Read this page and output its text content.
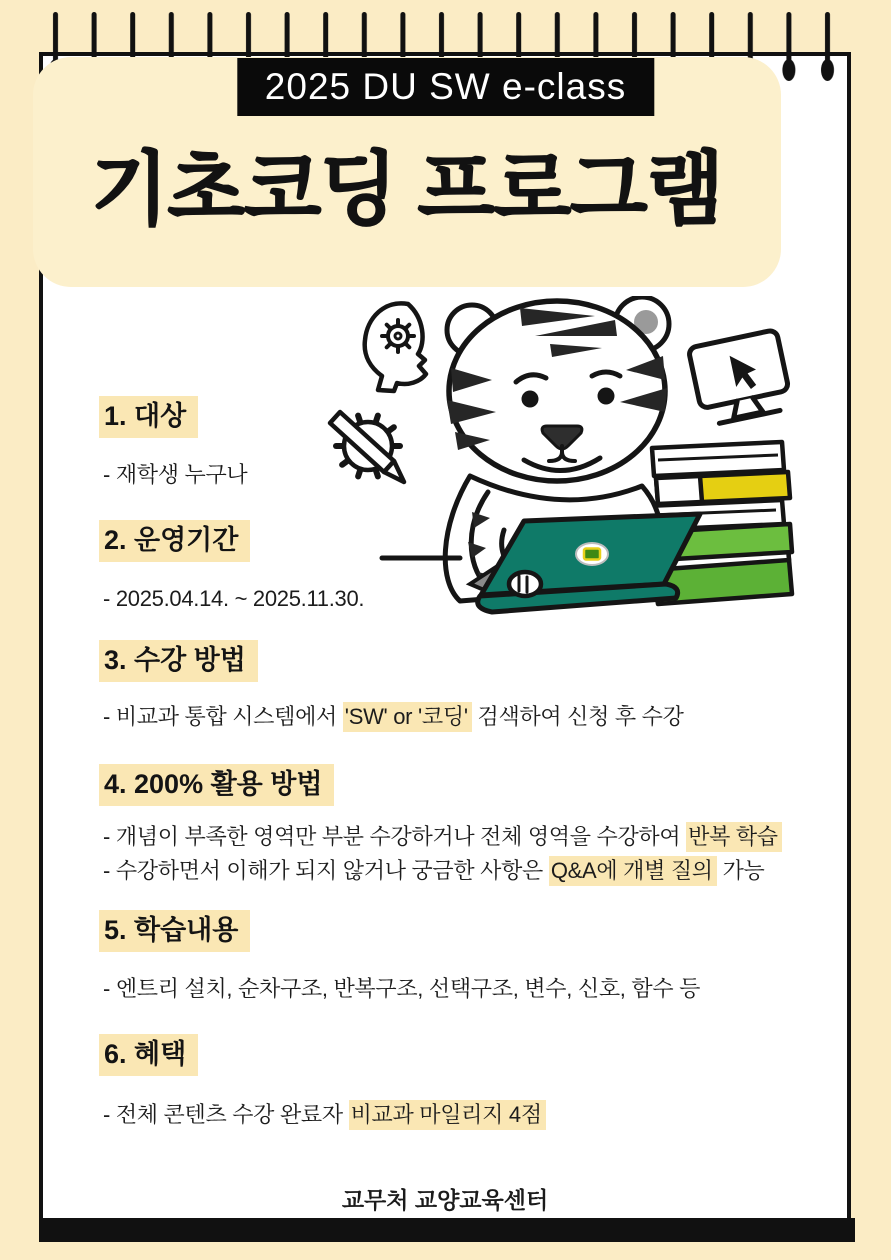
2025 DU SW e-class
기초코딩 프로그램
1. 대상
- 재학생 누구나
2. 운영기간
- 2025.04.14. ~ 2025.11.30.
3. 수강 방법
- 비교과 통합 시스템에서 'SW' or '코딩' 검색하여 신청 후 수강
4. 200% 활용 방법
- 개념이 부족한 영역만 부분 수강하거나 전체 영역을 수강하여 반복 학습
- 수강하면서 이해가 되지 않거나 궁금한 사항은 Q&A에 개별 질의 가능
5. 학습내용
- 엔트리 설치, 순차구조, 반복구조, 선택구조, 변수, 신호, 함수 등
6. 혜택
- 전체 콘텐츠 수강 완료자 비교과 마일리지 4점
교무처 교양교육센터
